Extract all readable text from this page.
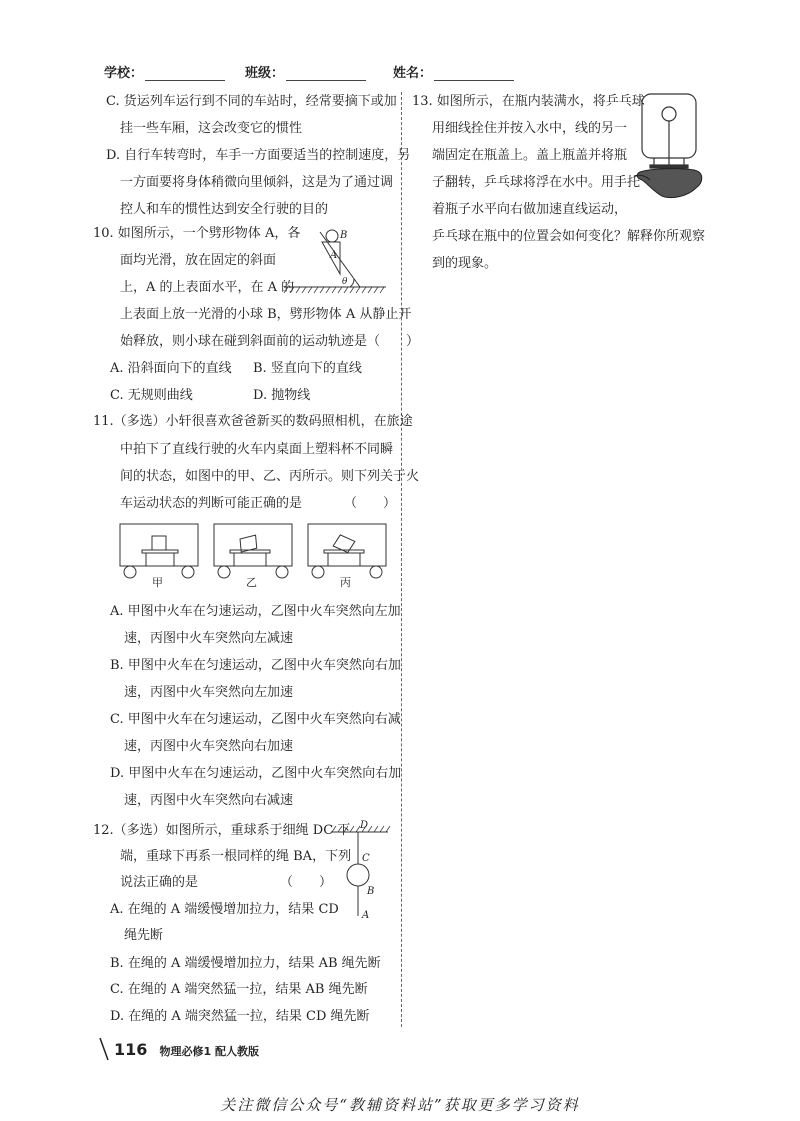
学校：	班级：	姓名：
C. 货运列车运行到不同的车站时，经常要摘下或加
挂一些车厢，这会改变它的惯性
D. 自行车转弯时，车手一方面要适当的控制速度，另
一方面要将身体稍微向里倾斜，这是为了通过调
控人和车的惯性达到安全行驶的目的
10. 如图所示，一个劈形物体 A，各
面均光滑，放在固定的斜面
上，A 的上表面水平，在 A 的
上表面上放一光滑的小球 B，劈形物体 A 从静止开
始释放，则小球在碰到斜面前的运动轨迹是（　　）
A. 沿斜面向下的直线 B. 竖直向下的直线
C. 无规则曲线	D. 抛物线
B
A
θ
11.（多选）小轩很喜欢爸爸新买的数码照相机，在旅途
中拍下了直线行驶的火车内桌面上塑料杯不同瞬
间的状态，如图中的甲、乙、丙所示。则下列关于火
车运动状态的判断可能正确的是	（　　）
甲	乙	丙
A. 甲图中火车在匀速运动，乙图中火车突然向左加
速，丙图中火车突然向左减速
B. 甲图中火车在匀速运动，乙图中火车突然向右加
速，丙图中火车突然向左加速
C. 甲图中火车在匀速运动，乙图中火车突然向右减
速，丙图中火车突然向右加速
D. 甲图中火车在匀速运动，乙图中火车突然向右加
速，丙图中火车突然向右减速
12.（多选）如图所示，重球系于细绳 DC 下
端，重球下再系一根同样的绳 BA，下列
说法正确的是	（　　）
A. 在绳的 A 端缓慢增加拉力，结果 CD
绳先断
B. 在绳的 A 端缓慢增加拉力，结果 AB 绳先断
C. 在绳的 A 端突然猛一拉，结果 AB 绳先断
D. 在绳的 A 端突然猛一拉，结果 CD 绳先断
D
C
B
A
13. 如图所示，在瓶内装满水，将乒乓球
用细线拴住并按入水中，线的另一
端固定在瓶盖上。盖上瓶盖并将瓶
子翻转，乒乓球将浮在水中。用手托
着瓶子水平向右做加速直线运动，
乒乓球在瓶中的位置会如何变化？解释你所观察
到的现象。
116 物理必修1 配人教版
关注微信公众号“教辅资料站”获取更多学习资料
